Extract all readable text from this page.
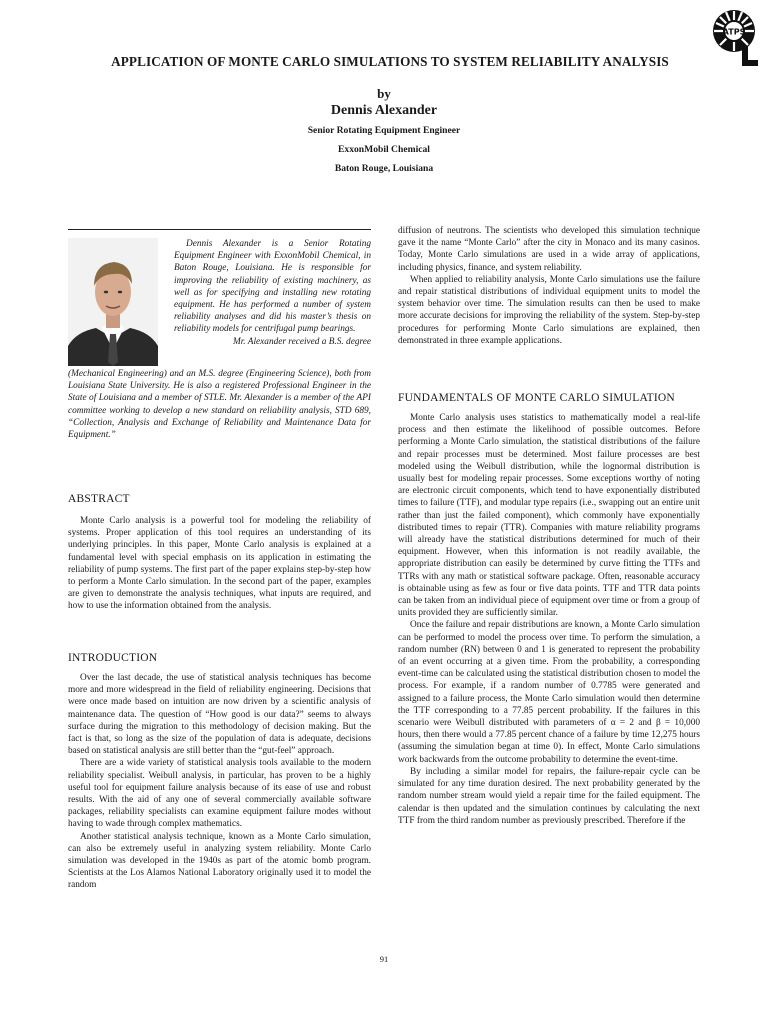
ATPS
APPLICATION OF MONTE CARLO SIMULATIONS TO SYSTEM RELIABILITY ANALYSIS
by
Dennis Alexander
Senior Rotating Equipment Engineer
ExxonMobil Chemical
Baton Rouge, Louisiana

Dennis Alexander is a Senior Rotating Equipment Engineer with ExxonMobil Chemical, in Baton Rouge, Louisiana. He is responsible for improving the reliability of existing machinery, as well as for specifying and installing new rotating equipment. He has performed a number of system reliability analyses and did his master’s thesis on reliability models for centrifugal pump bearings.

Mr. Alexander received a B.S. degree

(Mechanical Engineering) and an M.S. degree (Engineering Science), both from Louisiana State University. He is also a registered Professional Engineer in the State of Louisiana and a member of STLE. Mr. Alexander is a member of the API committee working to develop a new standard on reliability analysis, STD 689, “Collection, Analysis and Exchange of Reliability and Maintenance Data for Equipment.”

ABSTRACT

Monte Carlo analysis is a powerful tool for modeling the reliability of systems. Proper application of this tool requires an understanding of its underlying principles. In this paper, Monte Carlo analysis is explained at a fundamental level with special emphasis on its application in estimating the reliability of pump systems. The first part of the paper explains step-by-step how to perform a Monte Carlo simulation. In the second part of the paper, examples are given to demonstrate the analysis techniques, what inputs are required, and how to use the information obtained from the analysis.

INTRODUCTION

Over the last decade, the use of statistical analysis techniques has become more and more widespread in the field of reliability engineering. Decisions that were once made based on intuition are now driven by a scientific analysis of maintenance data. The question of “How good is our data?” seems to always surface during the migration to this methodology of decision making. But the fact is that, so long as the size of the population of data is adequate, decisions based on statistical analysis are still better than the “gut-feel” approach.

There are a wide variety of statistical analysis tools available to the modern reliability specialist. Weibull analysis, in particular, has proven to be a highly useful tool for equipment failure analysis because of its ease of use and robust results. With the aid of any one of several commercially available software packages, reliability specialists can examine equipment failure modes without having to wade through complex mathematics.

Another statistical analysis technique, known as a Monte Carlo simulation, can also be extremely useful in analyzing system reliability. Monte Carlo simulation was developed in the 1940s as part of the atomic bomb program. Scientists at the Los Alamos National Laboratory originally used it to model the random

diffusion of neutrons. The scientists who developed this simulation technique gave it the name “Monte Carlo” after the city in Monaco and its many casinos. Today, Monte Carlo simulations are used in a wide array of applications, including physics, finance, and system reliability.

When applied to reliability analysis, Monte Carlo simulations use the failure and repair statistical distributions of individual equipment units to model the system behavior over time. The simulation results can then be used to make more accurate decisions for improving the reliability of the system. Step-by-step procedures for performing Monte Carlo simulations are explained, then demonstrated in three example applications.

FUNDAMENTALS OF MONTE CARLO SIMULATION

Monte Carlo analysis uses statistics to mathematically model a real-life process and then estimate the likelihood of possible outcomes. Before performing a Monte Carlo simulation, the statistical distributions of the failure and repair processes must be determined. Most failure processes are best modeled using the Weibull distribution, while the lognormal distribution is usually best for modeling repair processes. Some exceptions worthy of noting are electronic circuit components, which tend to have exponentially distributed times to failure (TTF), and modular type repairs (i.e., swapping out an entire unit rather than just the failed component), which commonly have exponentially distributed times to repair (TTR). Companies with mature reliability programs will already have the statistical distributions determined for much of their equipment. However, when this information is not readily available, the appropriate distribution can easily be determined by curve fitting the TTFs and TTRs with any math or statistical software package. Often, reasonable accuracy is obtainable using as few as four or five data points. TTF and TTR data points can be taken from an individual piece of equipment over time or from a group of units provided they are sufficiently similar.

Once the failure and repair distributions are known, a Monte Carlo simulation can be performed to model the process over time. To perform the simulation, a random number (RN) between 0 and 1 is generated to represent the probability of an event occurring at a given time. From the probability, a corresponding event-time can be calculated using the statistical distribution chosen to model the process. For example, if a random number of 0.7785 were generated and assigned to a failure process, the Monte Carlo simulation would then determine the TTF corresponding to a 77.85 percent probability. If the failures in this scenario were Weibull distributed with parameters of α = 2 and β = 10,000 hours, then there would a 77.85 percent chance of a failure by time 12,275 hours (assuming the simulation began at time 0). In effect, Monte Carlo simulations work backwards from the outcome probability to determine the event-time.

By including a similar model for repairs, the failure-repair cycle can be simulated for any time duration desired. The next probability generated by the random number stream would yield a repair time for the failed equipment. The calendar is then updated and the simulation continues by calculating the next TTF from the third random number as previously prescribed. Therefore if the

91
